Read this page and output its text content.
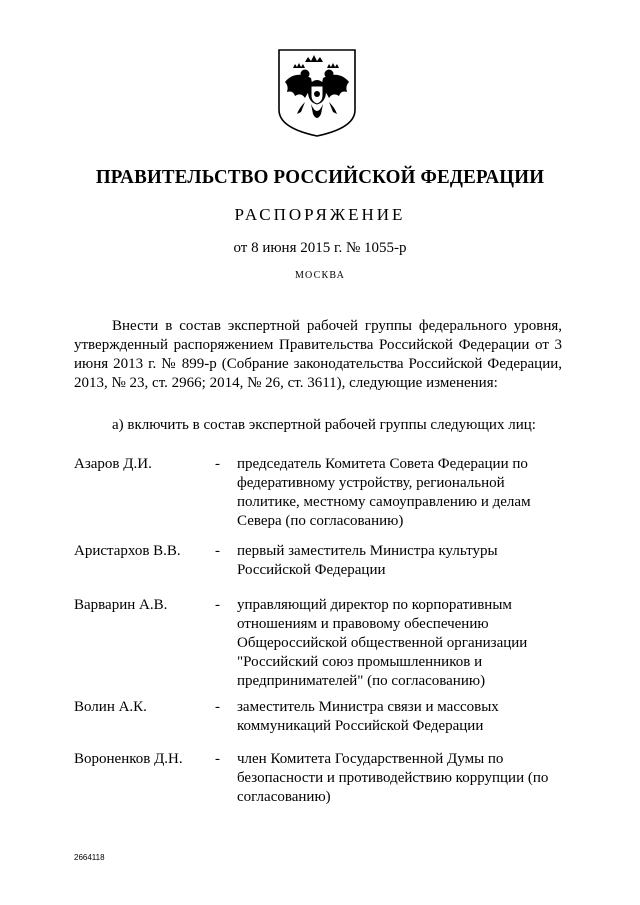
ПРАВИТЕЛЬСТВО РОССИЙСКОЙ ФЕДЕРАЦИИ
РАСПОРЯЖЕНИЕ
от 8 июня 2015 г. № 1055-р
МОСКВА
Внести в состав экспертной рабочей группы федерального уровня, утвержденный распоряжением Правительства Российской Федерации от 3 июня 2013 г. № 899-р (Собрание законодательства Российской Федерации, 2013, № 23, ст. 2966; 2014, № 26, ст. 3611), следующие изменения:
а) включить в состав экспертной рабочей группы следующих лиц:
Азаров Д.И.	- председатель Комитета Совета Федерации по федеративному устройству, региональной политике, местному самоуправлению и делам Севера (по согласованию)
Аристархов В.В. - первый заместитель Министра культуры Российской Федерации
Варварин А.В.	- управляющий директор по корпоративным отношениям и правовому обеспечению Общероссийской общественной организации "Российский союз промышленников и предпринимателей" (по согласованию)
Волин А.К.	- заместитель Министра связи и массовых коммуникаций Российской Федерации
Вороненков Д.Н. - член Комитета Государственной Думы по безопасности и противодействию коррупции (по согласованию)
2664118
